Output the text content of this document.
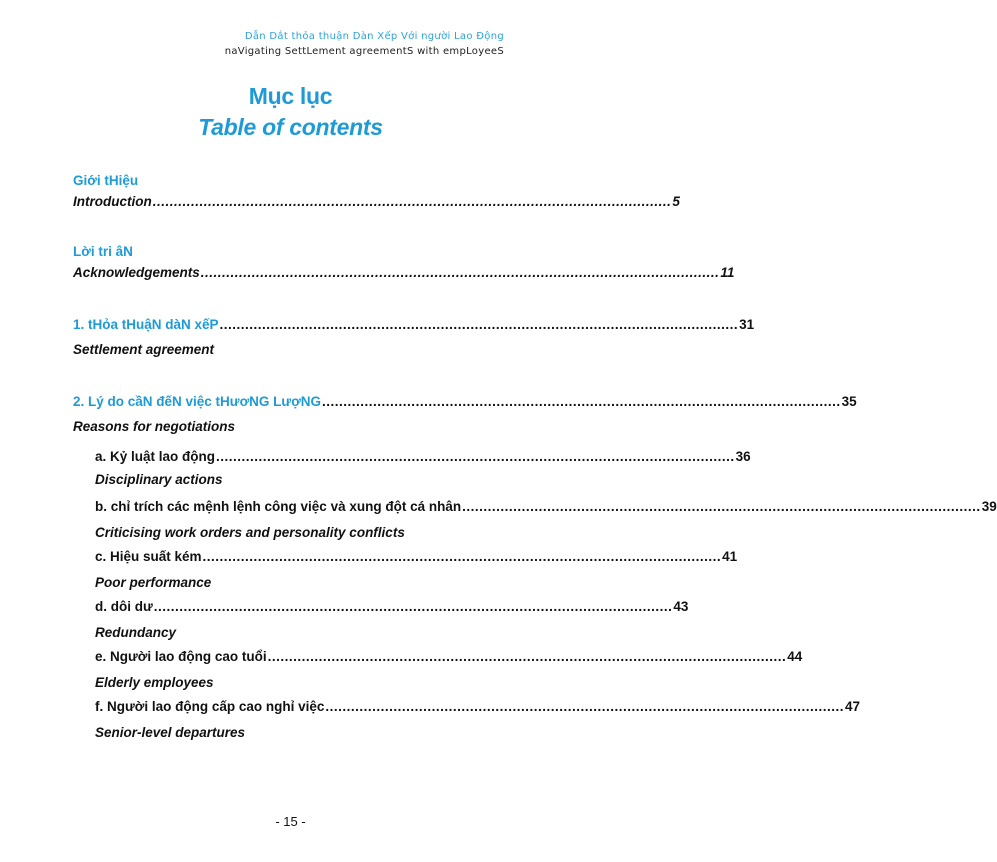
Dẫn Dắt thỏa thuận Dàn Xếp Với người Lao Động
naVigating SettLement agreementS with empLoyeeS
Mục lục
Table of contents
Giới tHiệu
Introduction .......................................................................................................................... 5
Lời tri âN
Acknowledgements .......................................................................................................................... 11
1. tHỏa tHuậN dàN xếP .......................................................................................................................... 31
Settlement agreement
2. Lý do cầN đếN việc tHươNG LượNG .......................................................................................................................... 35
Reasons for negotiations
a. Kỷ luật lao động .......................................................................................................................... 36
Disciplinary actions
b. chỉ trích các mệnh lệnh công việc và xung đột cá nhân .......................................................................................................................... 39
Criticising work orders and personality conflicts
c. Hiệu suất kém .......................................................................................................................... 41
Poor performance
d. dôi dư .......................................................................................................................... 43
Redundancy
e. Người lao động cao tuổi .......................................................................................................................... 44
Elderly employees
f. Người lao động cấp cao nghỉ việc .......................................................................................................................... 47
Senior-level departures
- 15 -
